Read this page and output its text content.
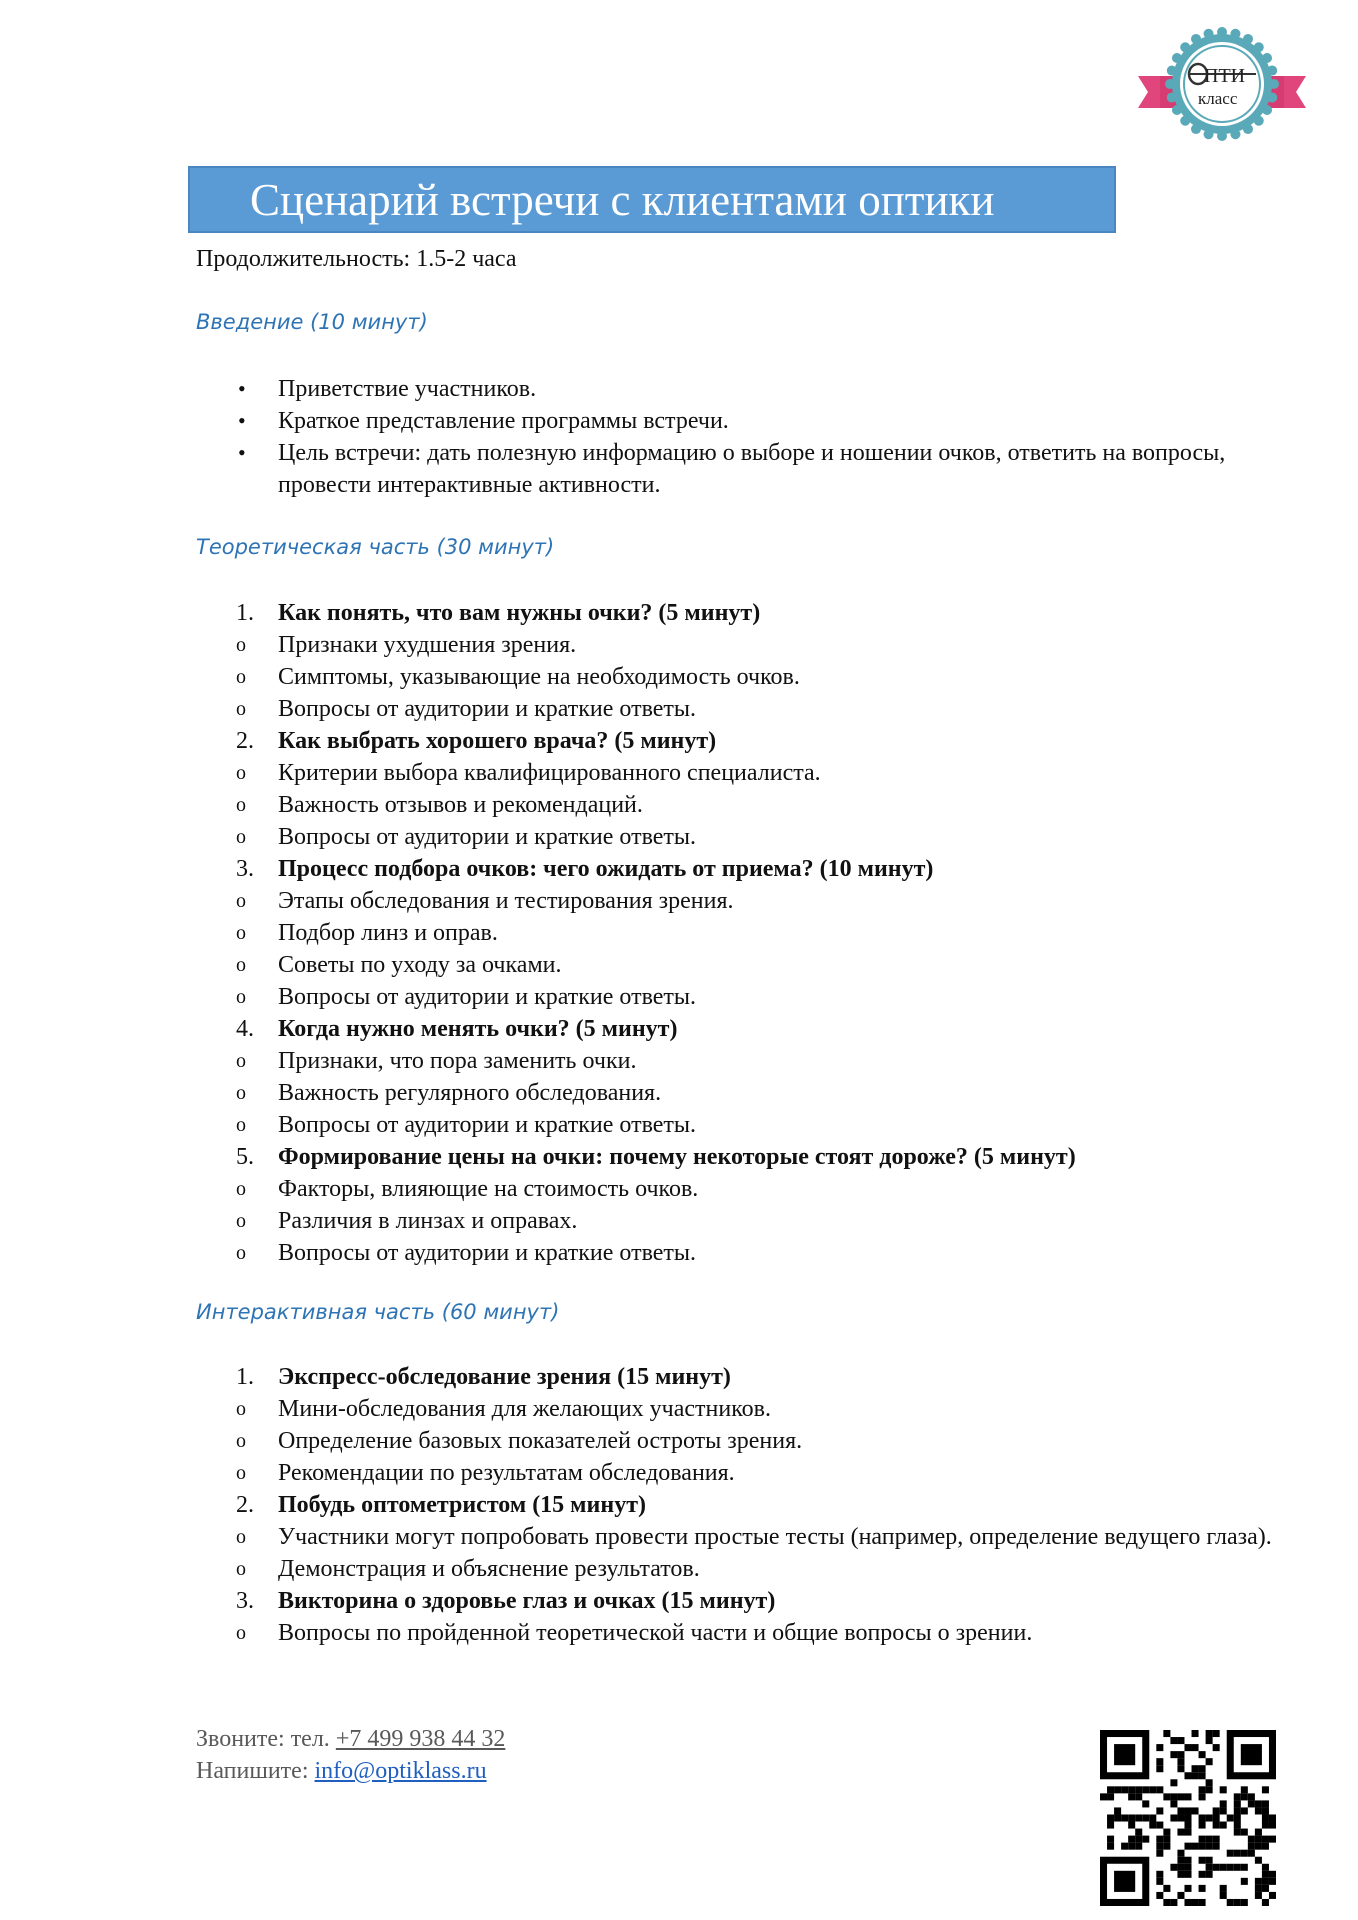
ПТИ
класс
Сценарий встречи с клиентами оптики
Продолжительность: 1.5-2 часа
Введение (10 минут)
• Приветствие участников.
• Краткое представление программы встречи.
• Цель встречи: дать полезную информацию о выборе и ношении очков, ответить на вопросы, провести интерактивные активности.
Теоретическая часть (30 минут)
1. Как понять, что вам нужны очки? (5 минут)
o Признаки ухудшения зрения.
o Симптомы, указывающие на необходимость очков.
o Вопросы от аудитории и краткие ответы.
2. Как выбрать хорошего врача? (5 минут)
o Критерии выбора квалифицированного специалиста.
o Важность отзывов и рекомендаций.
o Вопросы от аудитории и краткие ответы.
3. Процесс подбора очков: чего ожидать от приема? (10 минут)
o Этапы обследования и тестирования зрения.
o Подбор линз и оправ.
o Советы по уходу за очками.
o Вопросы от аудитории и краткие ответы.
4. Когда нужно менять очки? (5 минут)
o Признаки, что пора заменить очки.
o Важность регулярного обследования.
o Вопросы от аудитории и краткие ответы.
5. Формирование цены на очки: почему некоторые стоят дороже? (5 минут)
o Факторы, влияющие на стоимость очков.
o Различия в линзах и оправах.
o Вопросы от аудитории и краткие ответы.
Интерактивная часть (60 минут)
1. Экспресс-обследование зрения (15 минут)
o Мини-обследования для желающих участников.
o Определение базовых показателей остроты зрения.
o Рекомендации по результатам обследования.
2. Побудь оптометристом (15 минут)
o Участники могут попробовать провести простые тесты (например, определение ведущего глаза).
o Демонстрация и объяснение результатов.
3. Викторина о здоровье глаз и очках (15 минут)
o Вопросы по пройденной теоретической части и общие вопросы о зрении.
Звоните: тел. +7 499 938 44 32
Напишите: info@optiklass.ru
